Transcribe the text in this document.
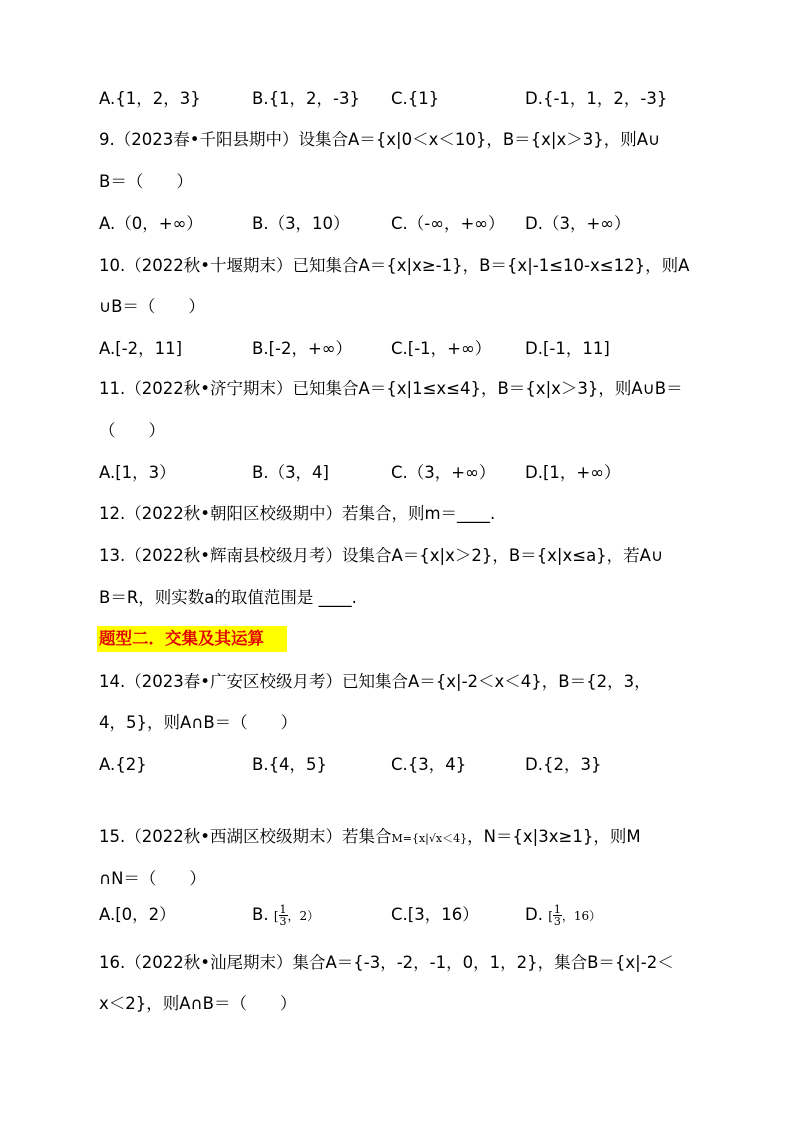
A.{1，2，3}	B.{1，2，-3} C.{1}	D.{-1，1，2，-3}
9.（2023春•千阳县期中）设集合A＝{x|0＜x＜10}，B＝{x|x＞3}，则A∪
B＝（　　）
A.（0，+∞）	B.（3，10）	C.（-∞，+∞） D.（3，+∞）
10.（2022秋•十堰期末）已知集合A＝{x|x≥-1}，B＝{x|-1≤10-x≤12}，则A
∪B＝（　　）
A.[-2，11]	B.[-2，+∞） C.[-1，+∞） D.[-1，11]
11.（2022秋•济宁期末）已知集合A＝{x|1≤x≤4}，B＝{x|x＞3}，则A∪B＝
（　　）
A.[1，3）	B.（3，4]	C.（3，+∞） D.[1，+∞）
12.（2022秋•朝阳区校级期中）若集合，则m＝____.
13.（2022秋•辉南县校级月考）设集合A＝{x|x＞2}，B＝{x|x≤a}，若A∪
B＝R，则实数a的取值范围是 ____.
题型二．交集及其运算
14.（2023春•广安区校级月考）已知集合A＝{x|-2＜x＜4}，B＝{2，3，
4，5}，则A∩B＝（　　）
A.{2}	B.{4，5}	C.{3，4}	D.{2，3}
15.（2022秋•西湖区校级期末）若集合M={x|√x＜4}，N＝{x|3x≥1}，则M
∩N＝（　　）
A.[0，2）	B. [ $\frac{1}{3}$ ，2）	C.[3，16）	D. [ $\frac{1}{3}$ ，16）
16.（2022秋•汕尾期末）集合A＝{-3，-2，-1，0，1，2}，集合B＝{x|-2＜
x＜2}，则A∩B＝（　　）
